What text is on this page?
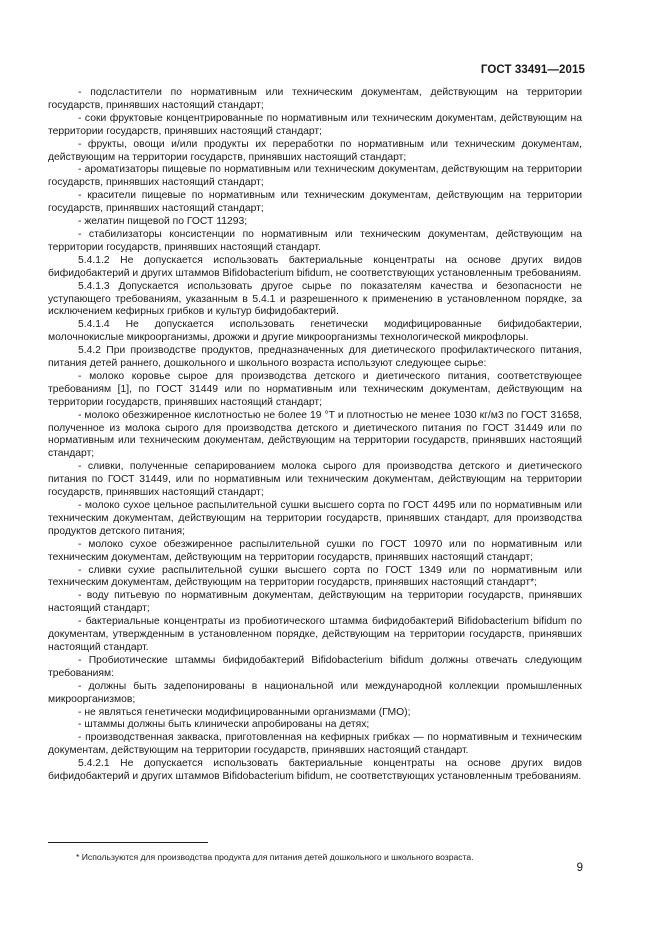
ГОСТ 33491—2015

- подсластители по нормативным или техническим документам, действующим на территории государств, принявших настоящий стандарт;

- соки фруктовые концентрированные по нормативным или техническим документам, действующим на территории государств, принявших настоящий стандарт;

- фрукты, овощи и/или продукты их переработки по нормативным или техническим документам, действующим на территории государств, принявших настоящий стандарт;

- ароматизаторы пищевые по нормативным или техническим документам, действующим на территории государств, принявших настоящий стандарт;

- красители пищевые по нормативным или техническим документам, действующим на территории государств, принявших настоящий стандарт;

- желатин пищевой по ГОСТ 11293;

- стабилизаторы консистенции по нормативным или техническим документам, действующим на территории государств, принявших настоящий стандарт.

5.4.1.2 Не допускается использовать бактериальные концентраты на основе других видов бифидобактерий и других штаммов Bifidobacterium bifidum, не соответствующих установленным требованиям.

5.4.1.3 Допускается использовать другое сырье по показателям качества и безопасности не уступающего требованиям, указанным в 5.4.1 и разрешенного к применению в установленном порядке, за исключением кефирных грибков и культур бифидобактерий.

5.4.1.4 Не допускается использовать генетически модифицированные бифидобактерии, молочнокислые микроорганизмы, дрожжи и другие микроорганизмы технологической микрофлоры.

5.4.2 При производстве продуктов, предназначенных для диетического профилактического питания, питания детей раннего, дошкольного и школьного возраста используют следующее сырье:

- молоко коровье сырое для производства детского и диетического питания, соответствующее требованиям [1], по ГОСТ 31449 или по нормативным или техническим документам, действующим на территории государств, принявших настоящий стандарт;

- молоко обезжиренное кислотностью не более 19 °Т и плотностью не менее 1030 кг/м3 по ГОСТ 31658, полученное из молока сырого для производства детского и диетического питания по ГОСТ 31449 или по нормативным или техническим документам, действующим на территории государств, принявших настоящий стандарт;

- сливки, полученные сепарированием молока сырого для производства детского и диетического питания по ГОСТ 31449, или по нормативным или техническим документам, действующим на территории государств, принявших настоящий стандарт;

- молоко сухое цельное распылительной сушки высшего сорта по ГОСТ 4495 или по нормативным или техническим документам, действующим на территории государств, принявших стандарт, для производства продуктов детского питания;

- молоко сухое обезжиренное распылительной сушки по ГОСТ 10970 или по нормативным или техническим документам, действующим на территории государств, принявших настоящий стандарт;

- сливки сухие распылительной сушки высшего сорта по ГОСТ 1349 или по нормативным или техническим документам, действующим на территории государств, принявших настоящий стандарт*;

- воду питьевую по нормативным документам, действующим на территории государств, принявших настоящий стандарт;

- бактериальные концентраты из пробиотического штамма бифидобактерий Bifidobacterium bifidum по документам, утвержденным в установленном порядке, действующим на территории государств, принявших настоящий стандарт.

- Пробиотические штаммы бифидобактерий Bifidobacterium bifidum должны отвечать следующим требованиям:

- должны быть задепонированы в национальной или международной коллекции промышленных микроорганизмов;

- не являться генетически модифицированными организмами (ГМО);

- штаммы должны быть клинически апробированы на детях;

- производственная закваска, приготовленная на кефирных грибках — по нормативным и техническим документам, действующим на территории государств, принявших настоящий стандарт.

5.4.2.1 Не допускается использовать бактериальные концентраты на основе других видов бифидобактерий и других штаммов Bifidobacterium bifidum, не соответствующих установленным требованиям.

* Используются для производства продукта для питания детей дошкольного и школьного возраста.
9
